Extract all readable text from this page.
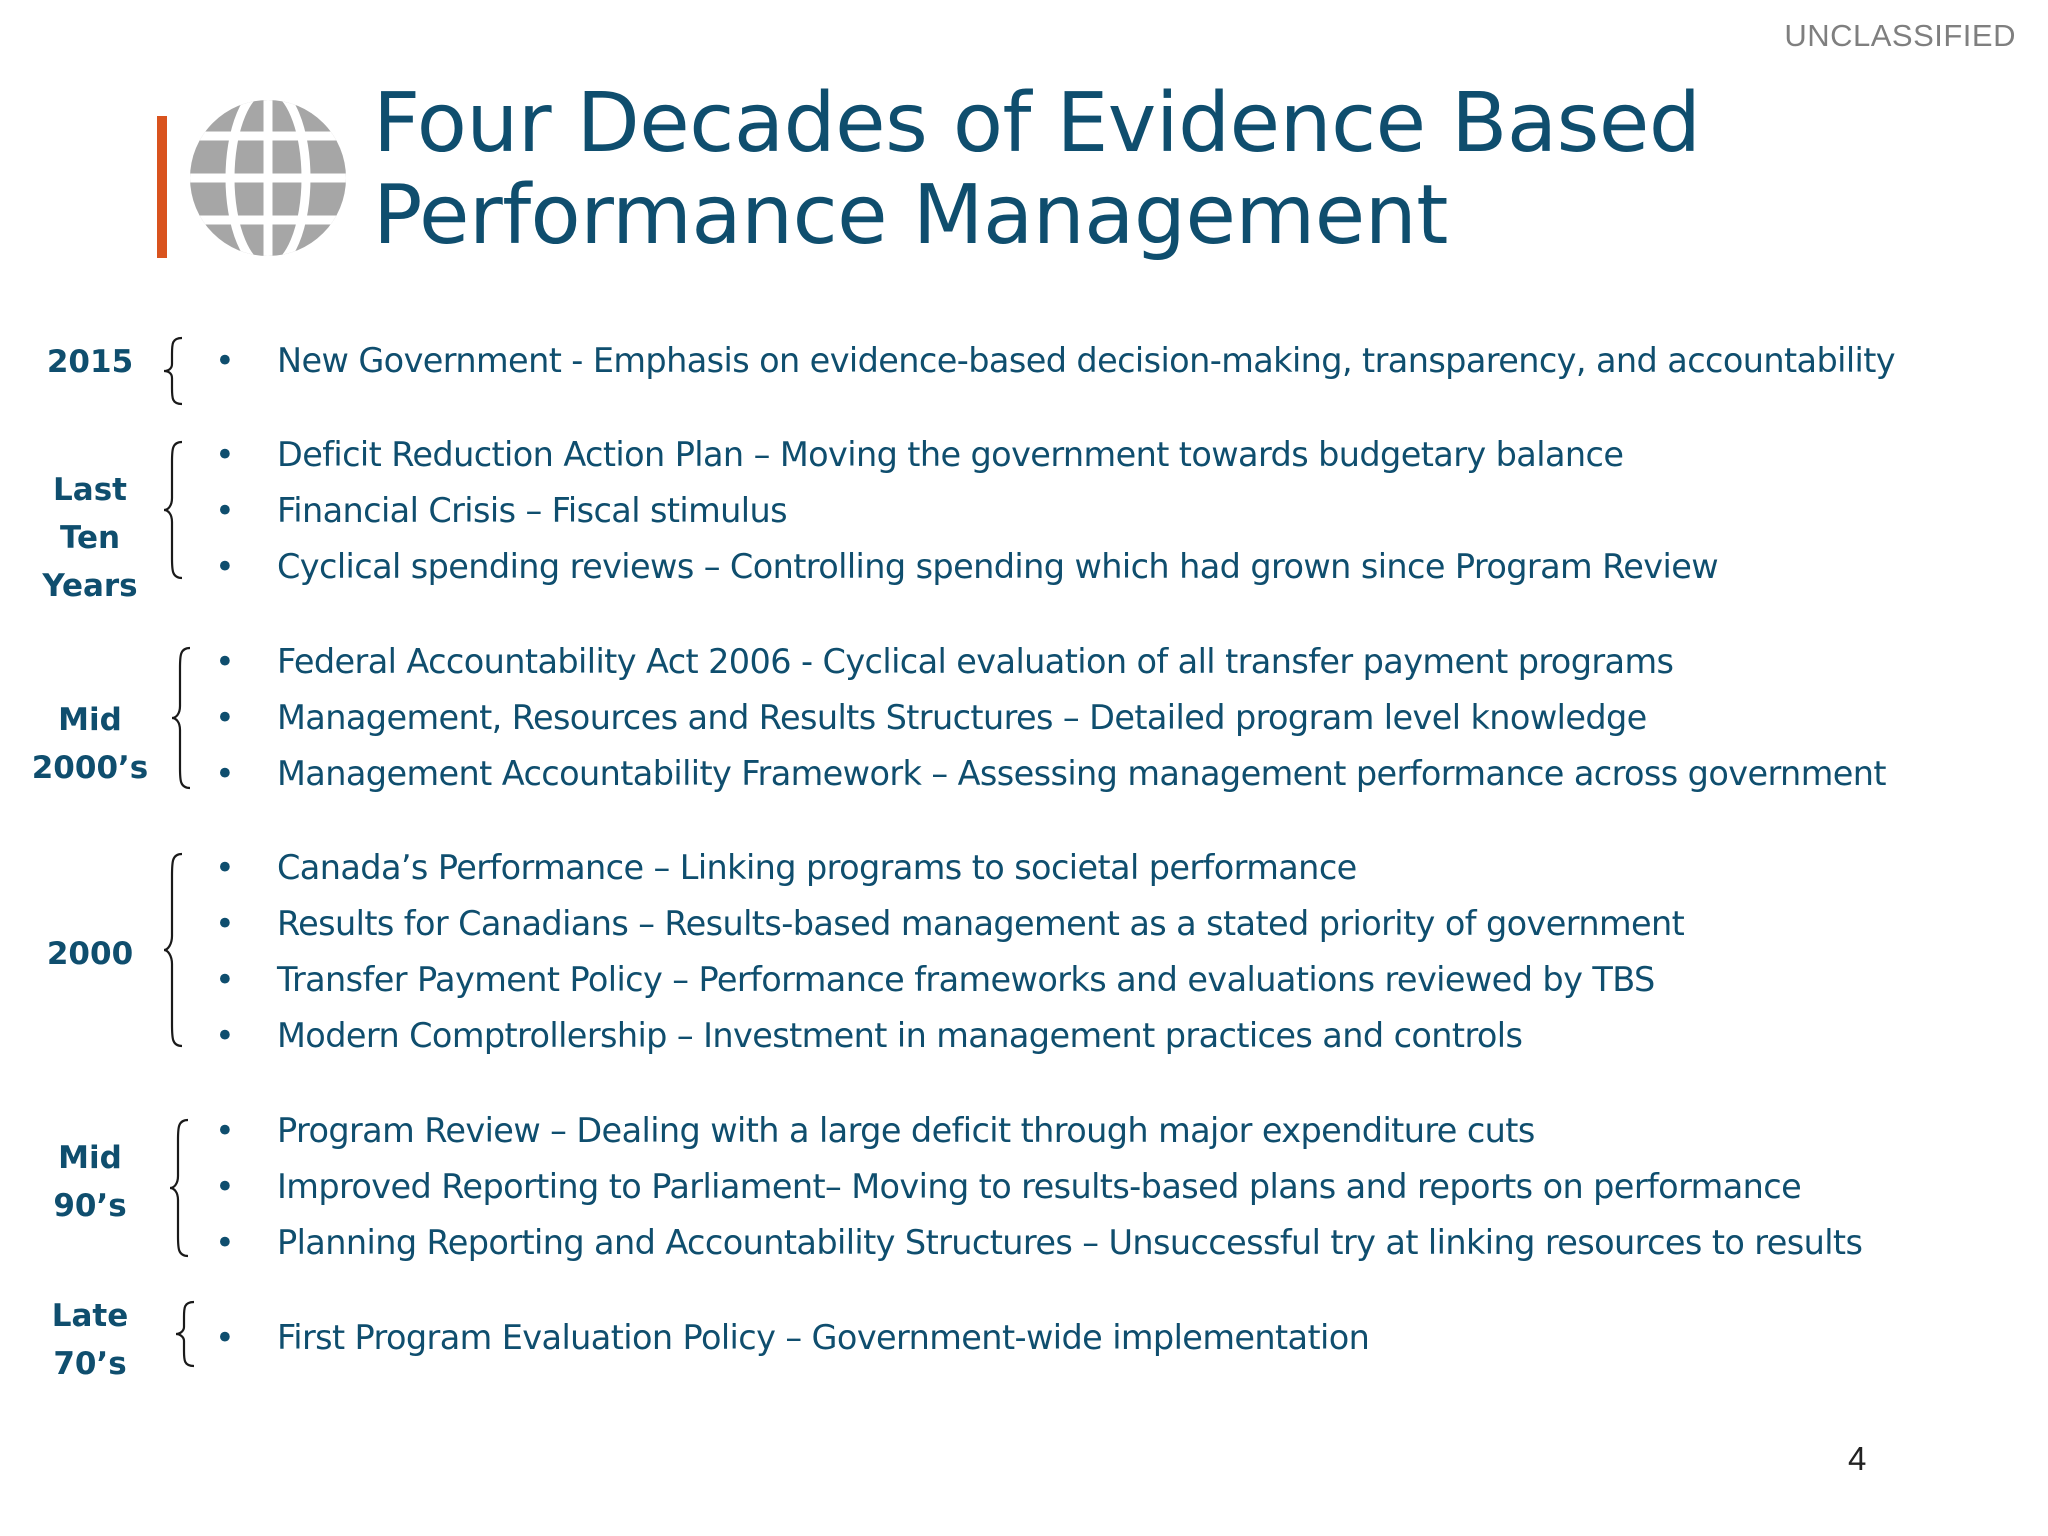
UNCLASSIFIED
Four Decades of Evidence Based
Performance Management
2015	• New Government - Emphasis on evidence-based decision-making, transparency, and accountability
Last Ten
Years
• Deficit Reduction Action Plan – Moving the government towards budgetary balance
• Financial Crisis – Fiscal stimulus
• Cyclical spending reviews – Controlling spending which had grown since Program Review
Mid
2000’s
• Federal Accountability Act 2006 - Cyclical evaluation of all transfer payment programs
• Management, Resources and Results Structures – Detailed program level knowledge
• Management Accountability Framework – Assessing management performance across government
2000
• Canada’s Performance – Linking programs to societal performance
• Results for Canadians – Results-based management as a stated priority of government
• Transfer Payment Policy – Performance frameworks and evaluations reviewed by TBS
• Modern Comptrollership – Investment in management practices and controls
Mid
90’s
• Program Review – Dealing with a large deficit through major expenditure cuts
• Improved Reporting to Parliament– Moving to results-based plans and reports on performance
• Planning Reporting and Accountability Structures – Unsuccessful try at linking resources to results
Late
70’s
• First Program Evaluation Policy – Government-wide implementation
4
